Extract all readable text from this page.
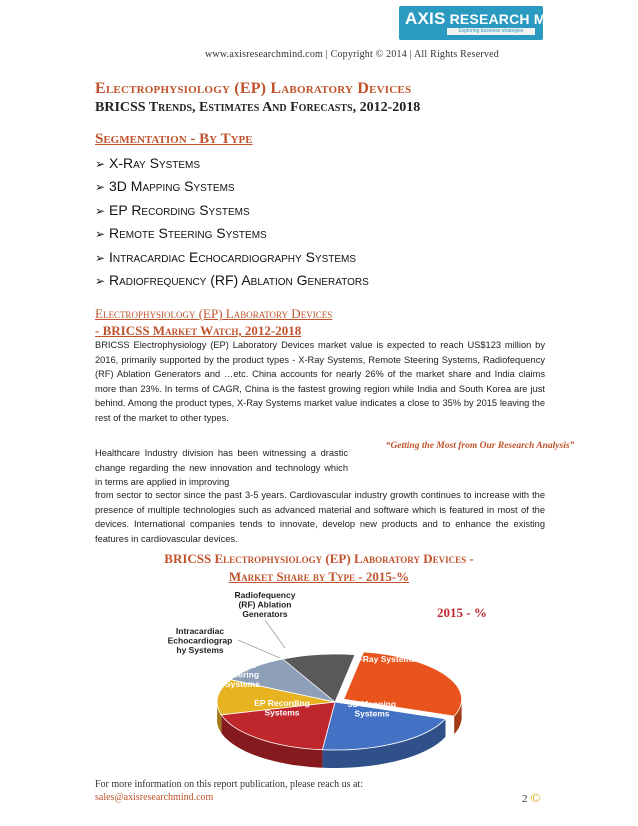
AXIS RESEARCH MIND
Exploring business strategies
www.axisresearchmind.com | Copyright © 2014 | All Rights Reserved
Electrophysiology (EP) Laboratory Devices
BRICSS Trends, Estimates And Forecasts, 2012-2018
Segmentation - By Type
➢ X-Ray Systems
➢ 3D Mapping Systems
➢ EP Recording Systems
➢ Remote Steering Systems
➢ Intracardiac Echocardiography Systems
➢ Radiofrequency (RF) Ablation Generators
Electrophysiology (EP) Laboratory Devices
- BRICSS Market Watch, 2012-2018
BRICSS Electrophysiology (EP) Laboratory Devices market value is expected to reach US$123 million by 2016, primarily supported by the product types - X-Ray Systems, Remote Steering Systems, Radiofequency (RF) Ablation Generators and …etc. China accounts for nearly 26% of the market share and India claims more than 23%. In terms of CAGR, China is the fastest growing region while India and South Korea are just behind. Among the product types, X-Ray Systems market value indicates a close to 35% by 2015 leaving the rest of the market to other types.
Healthcare Industry division has been witnessing a drastic change regarding the new innovation and technology which in terms are applied in improving
“Getting the Most from Our Research Analysis”
from sector to sector since the past 3-5 years. Cardiovascular industry growth continues to increase with the presence of multiple technologies such as advanced material and software which is featured in most of the devices. International companies tends to innovate, develop new products and to enhance the existing features in cardiovascular devices.
BRICSS Electrophysiology (EP) Laboratory Devices -
Market Share by Type - 2015-%
X-Ray Systems
3D Mapping Systems
EP Recording Systems
Remote Steering Systems
Intracardiac Echocardiograp hy Systems
Radiofequency (RF) Ablation Generators	2015 - %
For more information on this report publication, please reach us at:
sales@axisresearchmind.com	2 ©
